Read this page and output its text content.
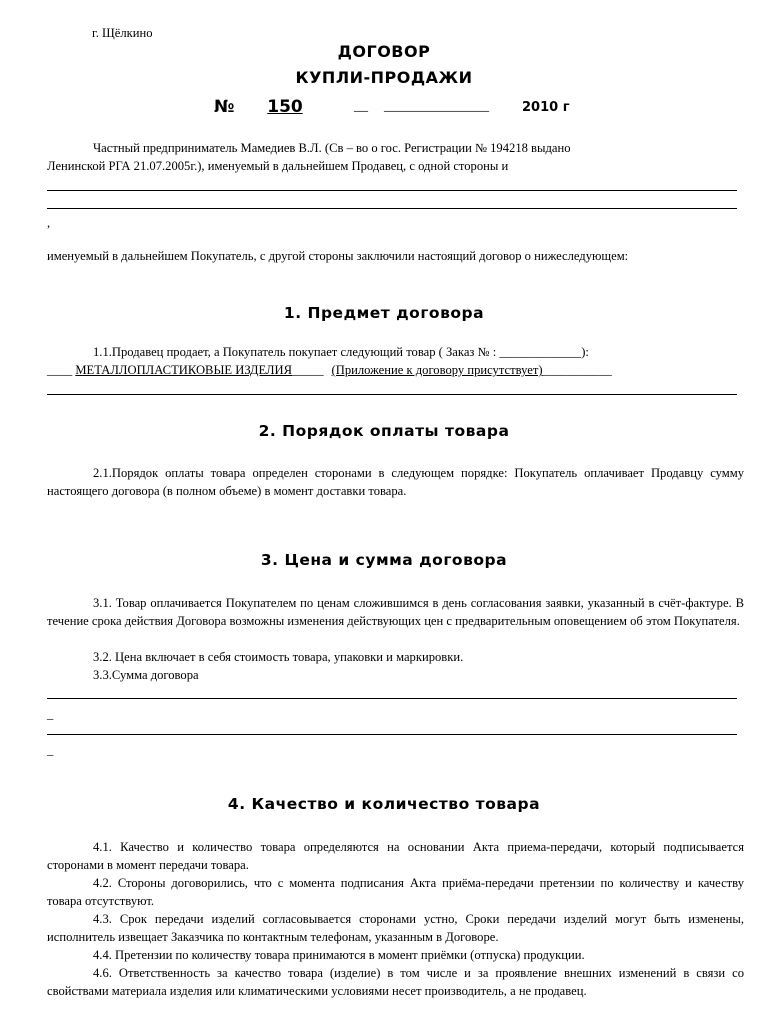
г. Щёлкино
ДОГОВОР
КУПЛИ-ПРОДАЖИ
№	150	__ _______________	2010 г
Частный предприниматель Мамедиев В.Л. (Св – во о гос. Регистрации № 194218 выдано
Ленинской РГА 21.07.2005г.), именуемый в дальнейшем Продавец, с одной стороны и
,
именуемый в дальнейшем Покупатель, с другой стороны заключили настоящий договор о нижеследующем:
1. Предмет договора
1.1.Продавец продает, а Покупатель покупает следующий товар ( Заказ № : _____________):
____ МЕТАЛЛОПЛАСТИКОВЫЕ ИЗДЕЛИЯ_____ (Приложение к договору присутствует)___________
2. Порядок оплаты товара
2.1.Порядок оплаты товара определен сторонами в следующем порядке: Покупатель оплачивает Продавцу сумму настоящего договора (в полном объеме) в момент доставки товара.
3. Цена и сумма договора
3.1. Товар оплачивается Покупателем по ценам сложившимся в день согласования заявки, указанный в счёт-фактуре. В течение срока действия Договора возможны изменения действующих цен с предварительным оповещением об этом Покупателя.
3.2. Цена включает в себя стоимость товара, упаковки и маркировки.
3.3.Сумма договора
_
_
4. Качество и количество товара
4.1. Качество и количество товара определяются на основании Акта приема-передачи, который подписывается сторонами в момент передачи товара.
4.2. Стороны договорились, что с момента подписания Акта приёма-передачи претензии по количеству и качеству товара отсутствуют.
4.3. Срок передачи изделий согласовывается сторонами устно, Сроки передачи изделий могут быть изменены, исполнитель извещает Заказчика по контактным телефонам, указанным в Договоре.
4.4. Претензии по количеству товара принимаются в момент приёмки (отпуска) продукции.
4.6. Ответственность за качество товара (изделие) в том числе и за проявление внешних изменений в связи со свойствами материала изделия или климатическими условиями несет производитель, а не продавец.
